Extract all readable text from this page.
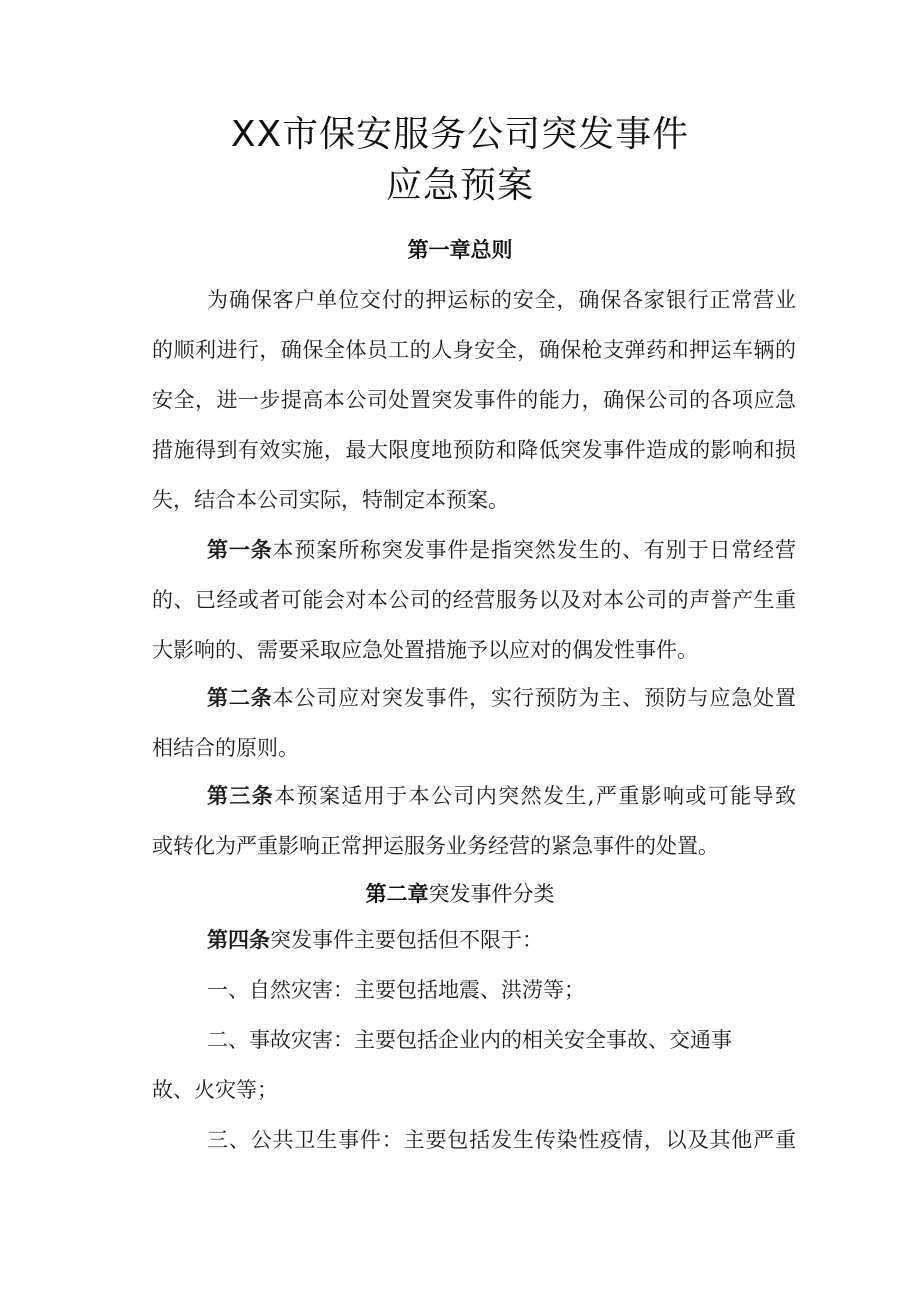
XX市保安服务公司突发事件
应急预案
第一章总则
为确保客户单位交付的押运标的安全，确保各家银行正常营业
的顺利进行，确保全体员工的人身安全，确保枪支弹药和押运车辆的
安全，进一步提高本公司处置突发事件的能力，确保公司的各项应急
措施得到有效实施，最大限度地预防和降低突发事件造成的影响和损
失，结合本公司实际，特制定本预案。
第一条本预案所称突发事件是指突然发生的、有别于日常经营
的、已经或者可能会对本公司的经营服务以及对本公司的声誉产生重
大影响的、需要采取应急处置措施予以应对的偶发性事件。
第二条本公司应对突发事件，实行预防为主、预防与应急处置
相结合的原则。
第三条本预案适用于本公司内突然发生,严重影响或可能导致
或转化为严重影响正常押运服务业务经营的紧急事件的处置。
第二章突发事件分类
第四条突发事件主要包括但不限于：
一、自然灾害：主要包括地震、洪涝等；
二、事故灾害：主要包括企业内的相关安全事故、交通事
故、火灾等；
三、公共卫生事件：主要包括发生传染性疫情，以及其他严重
